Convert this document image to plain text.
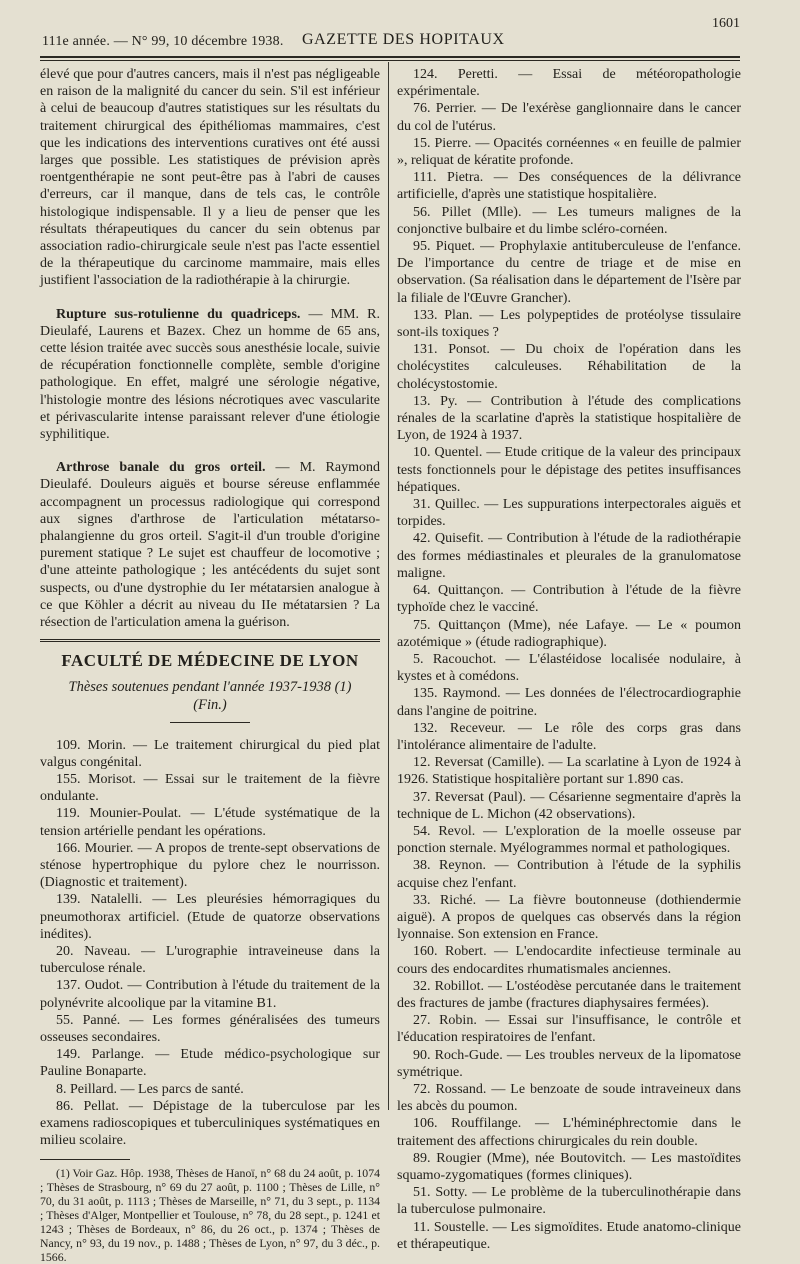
111e année. — N° 99, 10 décembre 1938. GAZETTE DES HOPITAUX
1601

élevé que pour d'autres cancers, mais il n'est pas négligeable en raison de la malignité du cancer du sein. S'il est inférieur à celui de beaucoup d'autres statistiques sur les résultats du traitement chirurgical des épithéliomas mammaires, c'est que les indications des interventions curatives ont été aussi larges que possible. Les statistiques de prévision après roentgenthérapie ne sont peut-être pas à l'abri de causes d'erreurs, car il manque, dans de tels cas, le contrôle histologique indispensable. Il y a lieu de penser que les résultats thérapeutiques du cancer du sein obtenus par association radio-chirurgicale seule n'est pas l'acte essentiel de la thérapeutique du carcinome mammaire, mais elles justifient l'association de la radiothérapie à la chirurgie.

Rupture sus-rotulienne du quadriceps. — MM. R. Dieulafé, Laurens et Bazex. Chez un homme de 65 ans, cette lésion traitée avec succès sous anesthésie locale, suivie de récupération fonctionnelle complète, semble d'origine pathologique. En effet, malgré une sérologie négative, l'histologie montre des lésions nécrotiques avec vascularite et périvascularite intense paraissant relever d'une étiologie syphilitique.

Arthrose banale du gros orteil. — M. Raymond Dieulafé. Douleurs aiguës et bourse séreuse enflammée accompagnent un processus radiologique qui correspond aux signes d'arthrose de l'articulation métatarso-phalangienne du gros orteil. S'agit-il d'un trouble d'origine purement statique ? Le sujet est chauffeur de locomotive ; d'une atteinte pathologique ; les antécédents du sujet sont suspects, ou d'une dystrophie du Ier métatarsien analogue à ce que Köhler a décrit au niveau du IIe métatarsien ? La résection de l'articulation amena la guérison.

FACULTÉ DE MÉDECINE DE LYON
Thèses soutenues pendant l'année 1937-1938 (1)
(Fin.)

109. Morin. — Le traitement chirurgical du pied plat valgus congénital.

155. Morisot. — Essai sur le traitement de la fièvre ondulante.

119. Mounier-Poulat. — L'étude systématique de la tension artérielle pendant les opérations.

166. Mourier. — A propos de trente-sept observations de sténose hypertrophique du pylore chez le nourrisson. (Diagnostic et traitement).

139. Natalelli. — Les pleurésies hémorragiques du pneumothorax artificiel. (Etude de quatorze observations inédites).

20. Naveau. — L'urographie intraveineuse dans la tuberculose rénale.

137. Oudot. — Contribution à l'étude du traitement de la polynévrite alcoolique par la vitamine B1.

55. Panné. — Les formes généralisées des tumeurs osseuses secondaires.

149. Parlange. — Etude médico-psychologique sur Pauline Bonaparte.

8. Peillard. — Les parcs de santé.

86. Pellat. — Dépistage de la tuberculose par les examens radioscopiques et tuberculiniques systématiques en milieu scolaire.

(1) Voir Gaz. Hôp. 1938, Thèses de Hanoï, n° 68 du 24 août, p. 1074 ; Thèses de Strasbourg, n° 69 du 27 août, p. 1100 ; Thèses de Lille, n° 70, du 31 août, p. 1113 ; Thèses de Marseille, n° 71, du 3 sept., p. 1134 ; Thèses d'Alger, Montpellier et Toulouse, n° 78, du 28 sept., p. 1241 et 1243 ; Thèses de Bordeaux, n° 86, du 26 oct., p. 1374 ; Thèses de Nancy, n° 93, du 19 nov., p. 1488 ; Thèses de Lyon, n° 97, du 3 déc., p. 1566.

124. Peretti. — Essai de météoropathologie expérimentale.

76. Perrier. — De l'exérèse ganglionnaire dans le cancer du col de l'utérus.

15. Pierre. — Opacités cornéennes « en feuille de palmier », reliquat de kératite profonde.

111. Pietra. — Des conséquences de la délivrance artificielle, d'après une statistique hospitalière.

56. Pillet (Mlle). — Les tumeurs malignes de la conjonctive bulbaire et du limbe scléro-cornéen.

95. Piquet. — Prophylaxie antituberculeuse de l'enfance. De l'importance du centre de triage et de mise en observation. (Sa réalisation dans le département de l'Isère par la filiale de l'Œuvre Grancher).

133. Plan. — Les polypeptides de protéolyse tissulaire sont-ils toxiques ?

131. Ponsot. — Du choix de l'opération dans les cholécystites calculeuses. Réhabilitation de la cholécystostomie.

13. Py. — Contribution à l'étude des complications rénales de la scarlatine d'après la statistique hospitalière de Lyon, de 1924 à 1937.

10. Quentel. — Etude critique de la valeur des principaux tests fonctionnels pour le dépistage des petites insuffisances hépatiques.

31. Quillec. — Les suppurations interpectorales aiguës et torpides.

42. Quisefit. — Contribution à l'étude de la radiothérapie des formes médiastinales et pleurales de la granulomatose maligne.

64. Quittançon. — Contribution à l'étude de la fièvre typhoïde chez le vacciné.

75. Quittançon (Mme), née Lafaye. — Le « poumon azotémique » (étude radiographique).

5. Racouchot. — L'élastéidose localisée nodulaire, à kystes et à comédons.

135. Raymond. — Les données de l'électrocardiographie dans l'angine de poitrine.

132. Receveur. — Le rôle des corps gras dans l'intolérance alimentaire de l'adulte.

12. Reversat (Camille). — La scarlatine à Lyon de 1924 à 1926. Statistique hospitalière portant sur 1.890 cas.

37. Reversat (Paul). — Césarienne segmentaire d'après la technique de L. Michon (42 observations).

54. Revol. — L'exploration de la moelle osseuse par ponction sternale. Myélogrammes normal et pathologiques.

38. Reynon. — Contribution à l'étude de la syphilis acquise chez l'enfant.

33. Riché. — La fièvre boutonneuse (dothiendermie aiguë). A propos de quelques cas observés dans la région lyonnaise. Son extension en France.

160. Robert. — L'endocardite infectieuse terminale au cours des endocardites rhumatismales anciennes.

32. Robillot. — L'ostéodèse percutanée dans le traitement des fractures de jambe (fractures diaphysaires fermées).

27. Robin. — Essai sur l'insuffisance, le contrôle et l'éducation respiratoires de l'enfant.

90. Roch-Gude. — Les troubles nerveux de la lipomatose symétrique.

72. Rossand. — Le benzoate de soude intraveineux dans les abcès du poumon.

106. Rouffilange. — L'héminéphrectomie dans le traitement des affections chirurgicales du rein double.

89. Rougier (Mme), née Boutovitch. — Les mastoïdites squamo-zygomatiques (formes cliniques).

51. Sotty. — Le problème de la tuberculinothérapie dans la tuberculose pulmonaire.

11. Soustelle. — Les sigmoïdites. Etude anatomo-clinique et thérapeutique.
